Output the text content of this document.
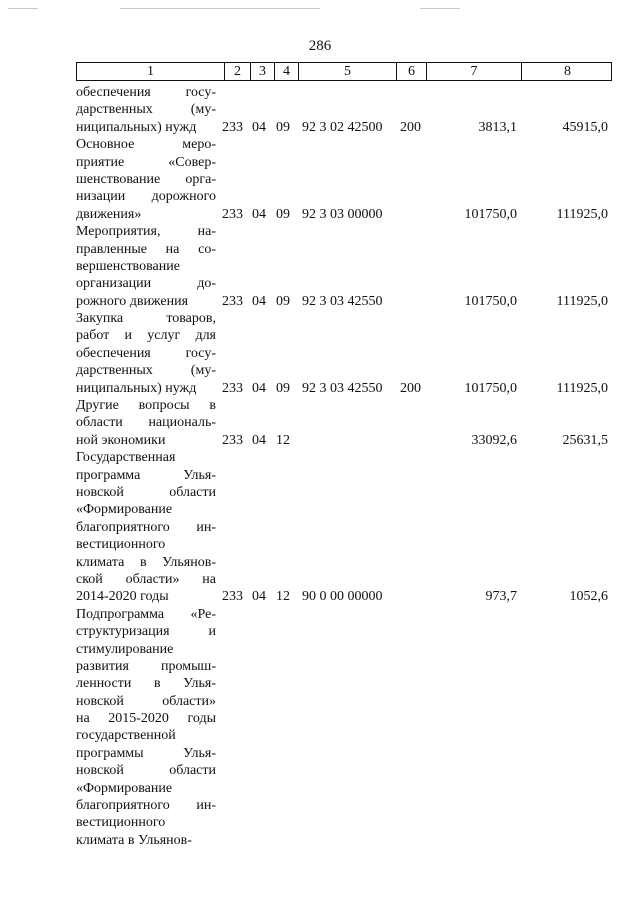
286
1	2	3	4	5	6	7	8
обеспечения госу-
дарственных (му-
ниципальных) нужд	233 04 09 92 3 02 42500 200	3813,1	45915,0
Основное меро-
приятие «Совер-
шенствование орга-
низации дорожного
движения»	233 04 09 92 3 03 00000	101750,0	111925,0
Мероприятия, на-
правленные на со-
вершенствование
организации до-
рожного движения	233 04 09 92 3 03 42550	101750,0	111925,0
Закупка товаров,
работ и услуг для
обеспечения госу-
дарственных (му-
ниципальных) нужд	233 04 09 92 3 03 42550 200	101750,0	111925,0
Другие вопросы в
области националь-
ной экономики	233 04 12	33092,6	25631,5
Государственная
программа Улья-
новской области
«Формирование
благоприятного ин-
вестиционного
климата в Ульянов-
ской области» на
2014-2020 годы	233 04 12 90 0 00 00000	973,7	1052,6
Подпрограмма «Ре-
структуризация и
стимулирование
развития промыш-
ленности в Улья-
новской области»
на 2015-2020 годы
государственной
программы Улья-
новской области
«Формирование
благоприятного ин-
вестиционного
климата в Ульянов-
